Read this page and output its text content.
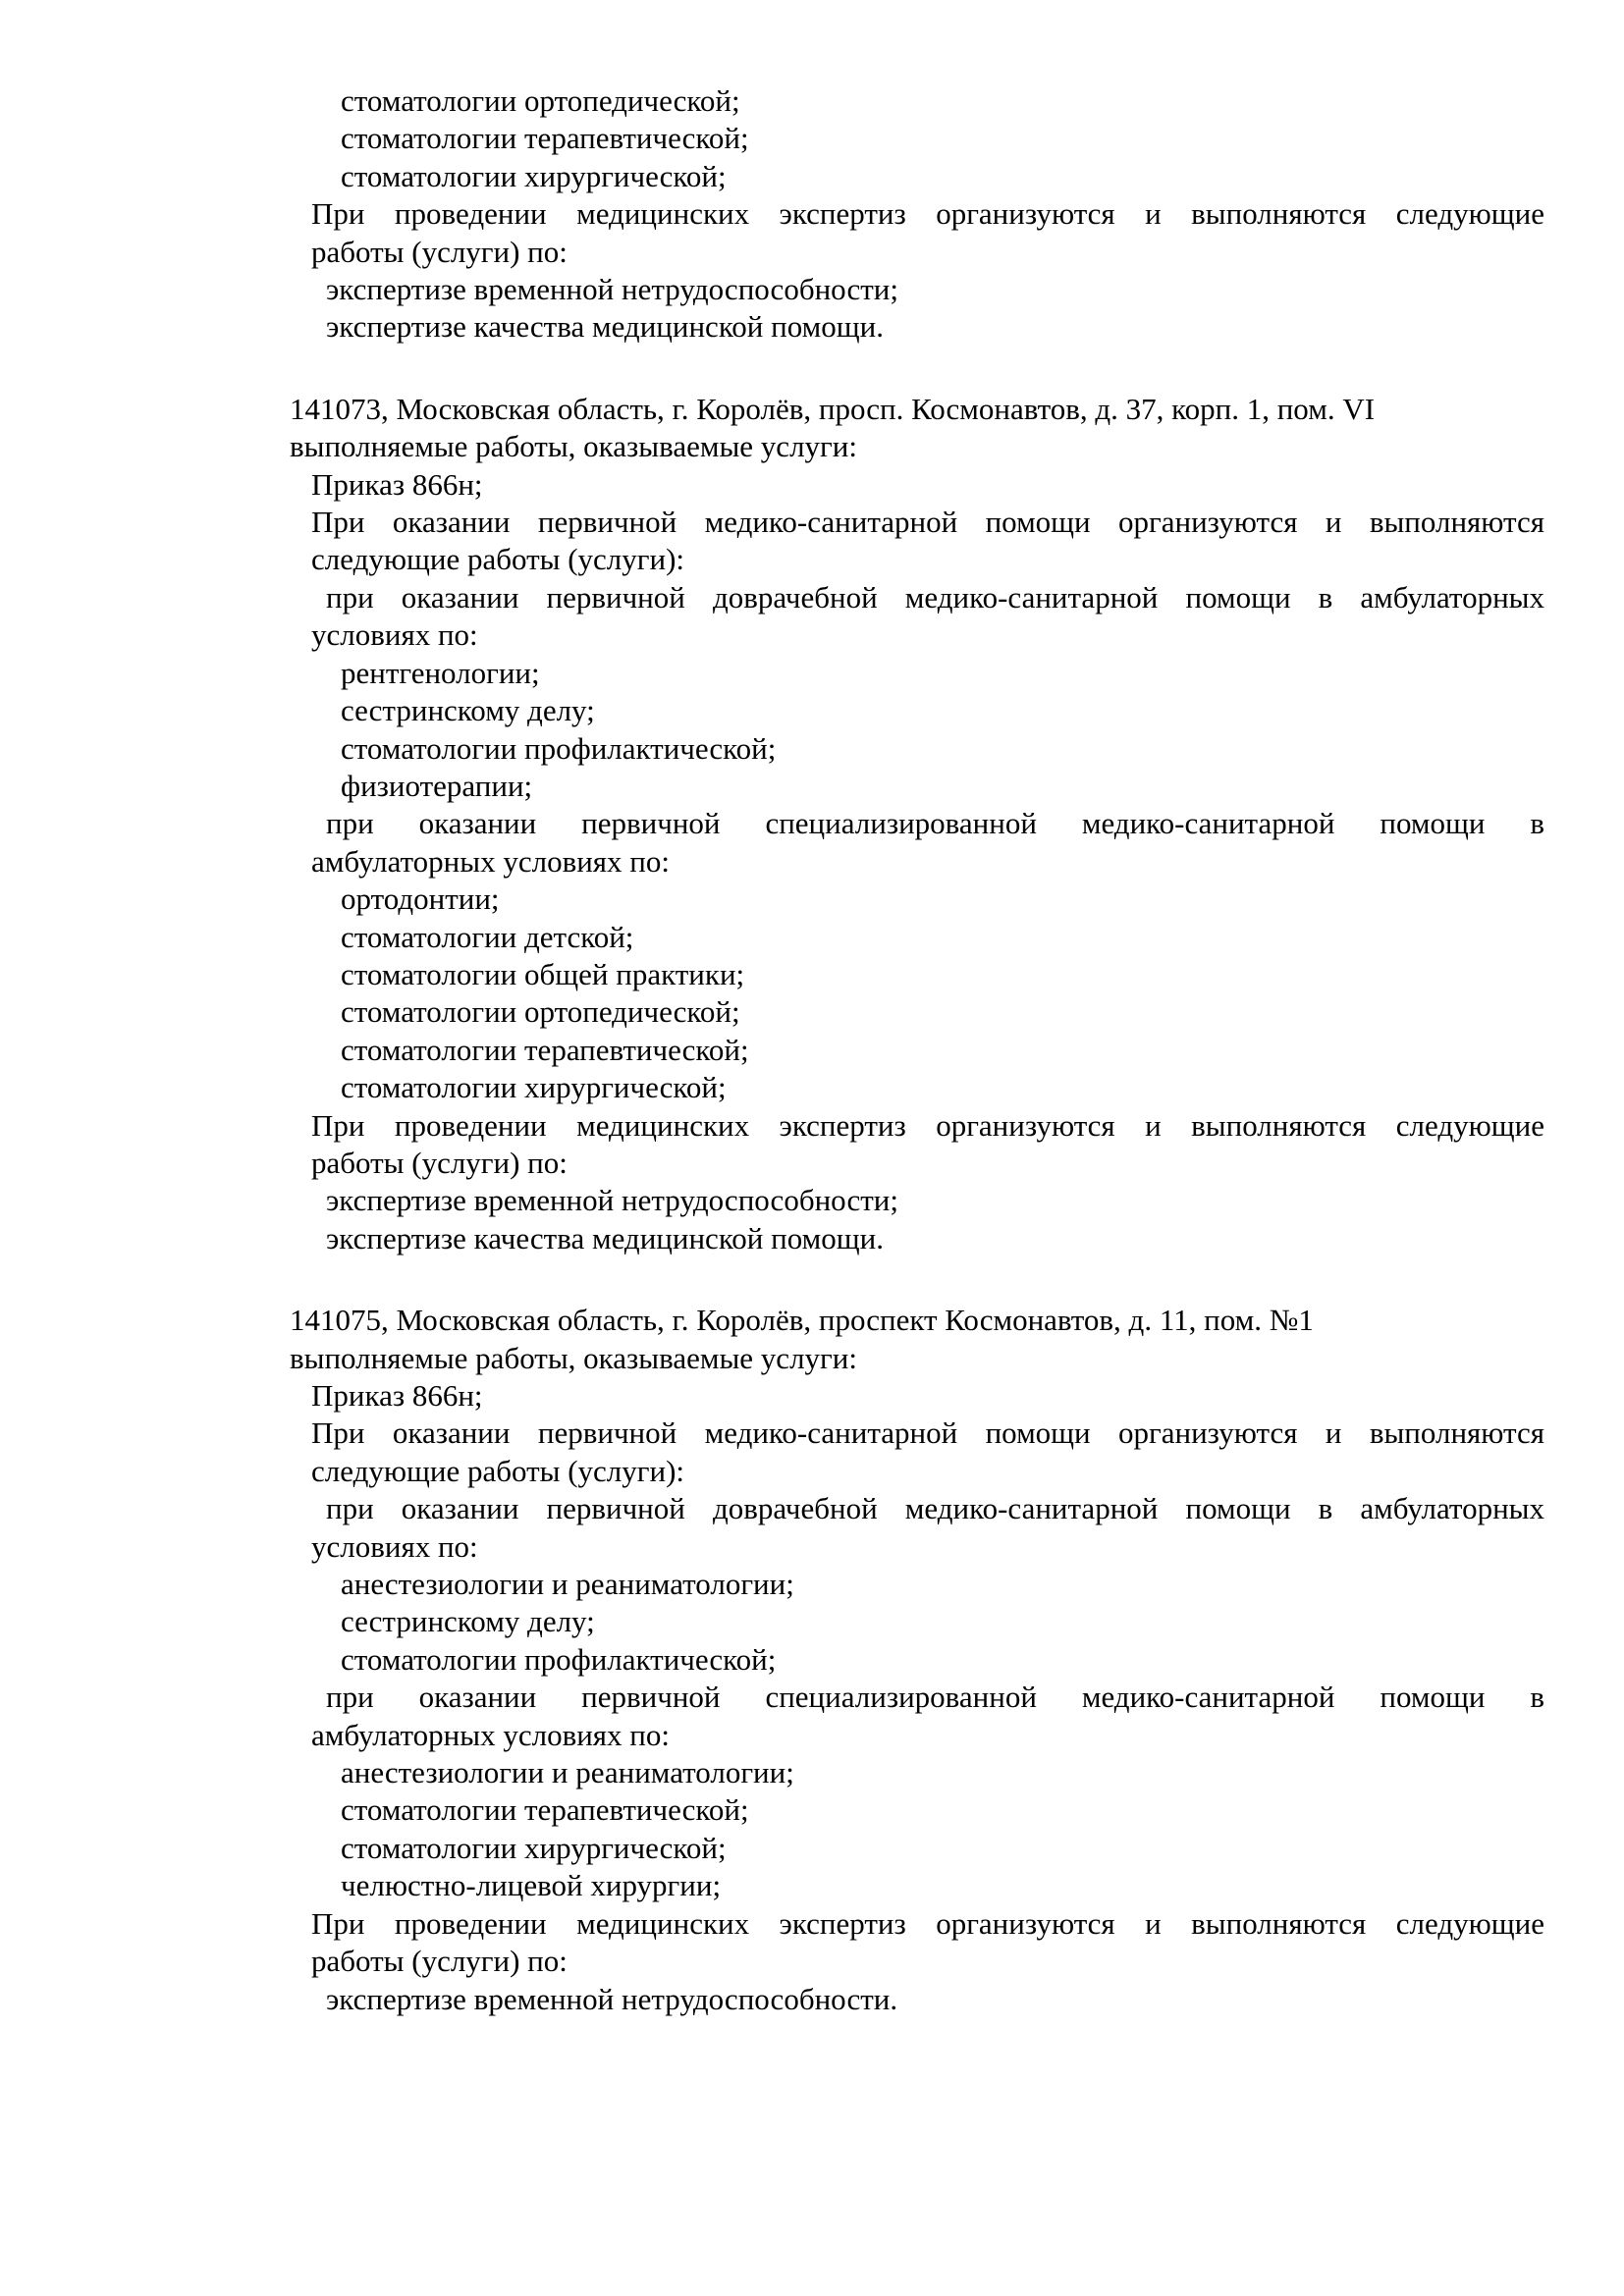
стоматологии ортопедической;
стоматологии терапевтической;
стоматологии хирургической;
При проведении медицинских экспертиз организуются и выполняются следующие
работы (услуги) по:
экспертизе временной нетрудоспособности;
экспертизе качества медицинской помощи.
141073, Московская область, г. Королёв, просп. Космонавтов, д. 37, корп. 1, пом. VI
выполняемые работы, оказываемые услуги:
Приказ 866н;
При оказании первичной медико-санитарной помощи организуются и выполняются
следующие работы (услуги):
при оказании первичной доврачебной медико-санитарной помощи в амбулаторных
условиях по:
рентгенологии;
сестринскому делу;
стоматологии профилактической;
физиотерапии;
при оказании первичной специализированной медико-санитарной помощи в
амбулаторных условиях по:
ортодонтии;
стоматологии детской;
стоматологии общей практики;
стоматологии ортопедической;
стоматологии терапевтической;
стоматологии хирургической;
При проведении медицинских экспертиз организуются и выполняются следующие
работы (услуги) по:
экспертизе временной нетрудоспособности;
экспертизе качества медицинской помощи.
141075, Московская область, г. Королёв, проспект Космонавтов, д. 11, пом. №1
выполняемые работы, оказываемые услуги:
Приказ 866н;
При оказании первичной медико-санитарной помощи организуются и выполняются
следующие работы (услуги):
при оказании первичной доврачебной медико-санитарной помощи в амбулаторных
условиях по:
анестезиологии и реаниматологии;
сестринскому делу;
стоматологии профилактической;
при оказании первичной специализированной медико-санитарной помощи в
амбулаторных условиях по:
анестезиологии и реаниматологии;
стоматологии терапевтической;
стоматологии хирургической;
челюстно-лицевой хирургии;
При проведении медицинских экспертиз организуются и выполняются следующие
работы (услуги) по:
экспертизе временной нетрудоспособности.
